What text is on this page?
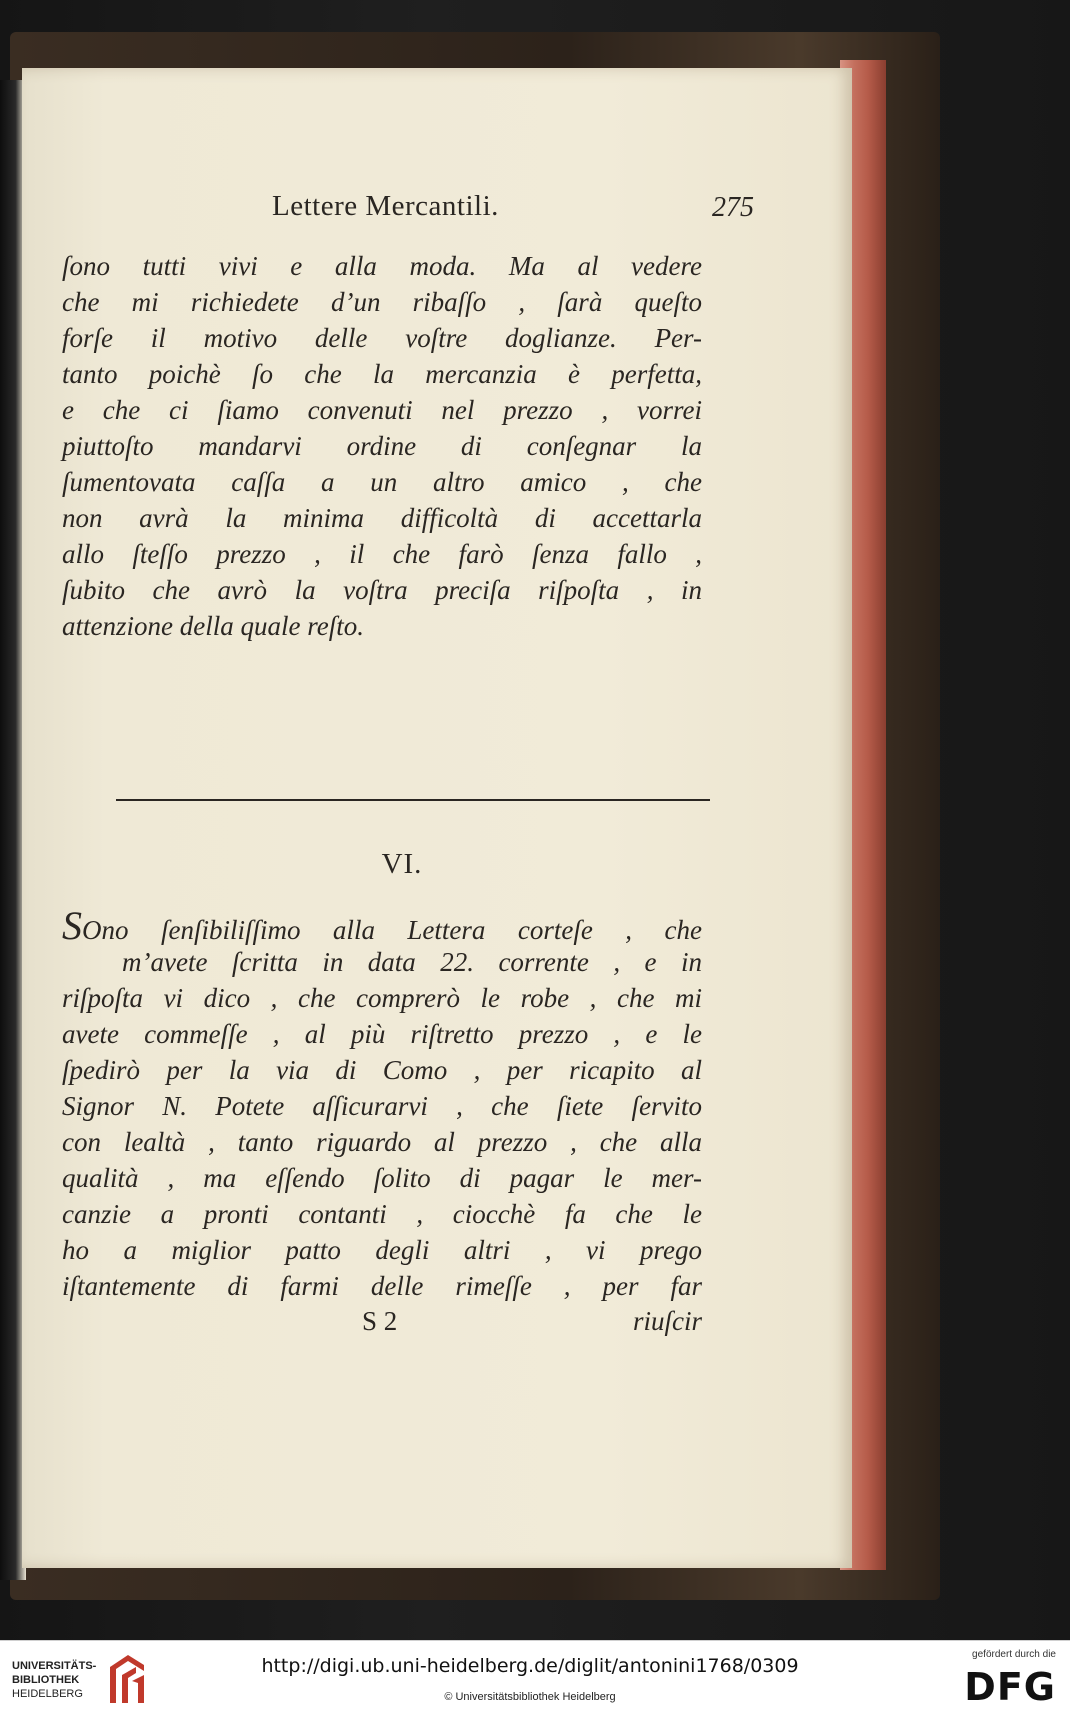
Lettere Mercantili.	275
ſono tutti vivi e alla moda. Ma al vedere
che mi richiedete d’un ribaſſo , ſarà queſto
forſe il motivo delle voſtre doglianze. Per-
tanto poichè ſo che la mercanzia è perfetta,
e che ci ſiamo convenuti nel prezzo , vorrei
piuttoſto mandarvi ordine di conſegnar la
ſumentovata caſſa a un altro amico , che
non avrà la minima difficoltà di accettarla
allo ſteſſo prezzo , il che farò ſenza fallo ,
ſubito che avrò la voſtra preciſa riſpoſta , in
attenzione della quale reſto.
VI.
SOno ſenſibiliſſimo alla Lettera corteſe , che
m’avete ſcritta in data 22. corrente , e in
riſpoſta vi dico , che comprerò le robe , che mi
avete commeſſe , al più riſtretto prezzo , e le
ſpedirò per la via di Como , per ricapito al
Signor N. Potete aſſicurarvi , che ſiete ſervito
con lealtà , tanto riguardo al prezzo , che alla
qualità , ma eſſendo ſolito di pagar le mer-
canzie a pronti contanti , ciocchè fa che le
ho a miglior patto degli altri , vi prego
iſtantemente di farmi delle rimeſſe , per far
S 2	riuſcir
UNIVERSITÄTS-
BIBLIOTHEK
HEIDELBERG
http://digi.ub.uni-heidelberg.de/diglit/antonini1768/0309
© Universitätsbibliothek Heidelberg
gefördert durch die
DFG
